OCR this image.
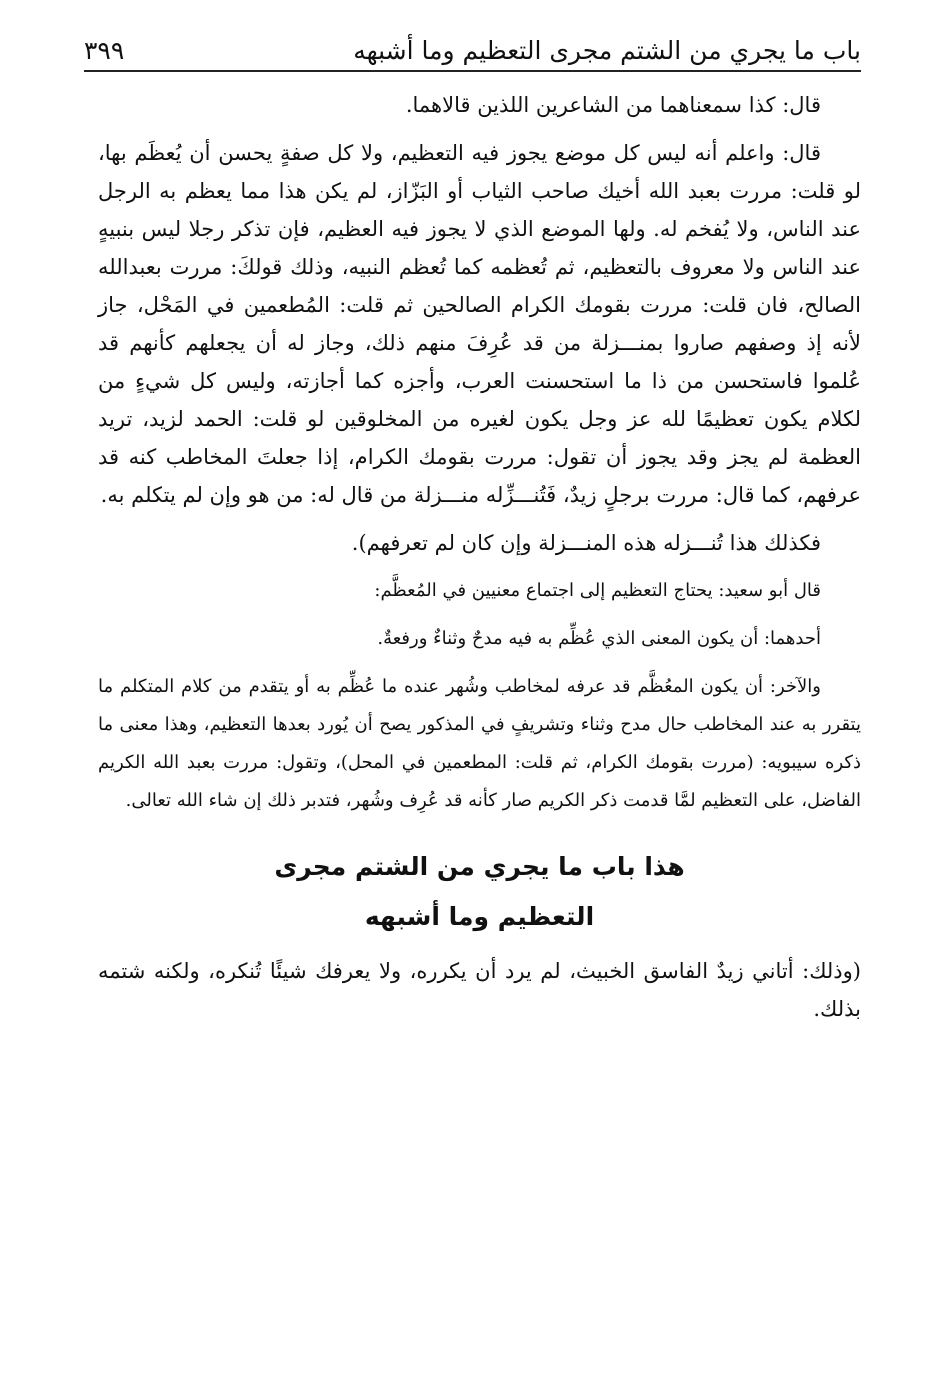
باب ما يجري من الشتم مجرى التعظيم وما أشبهه
٣٩٩

قال: كذا سمعناهما من الشاعرين اللذين قالاهما.

قال: واعلم أنه ليس كل موضع يجوز فيه التعظيم، ولا كل صفةٍ يحسن أن يُعظَم بها، لو قلت: مررت بعبد الله أخيك صاحب الثياب أو البَزّاز، لم يكن هذا مما يعظم به الرجل عند الناس، ولا يُفخم له. ولها الموضع الذي لا يجوز فيه العظيم، فإن تذكر رجلا ليس بنبيهٍ عند الناس ولا معروف بالتعظيم، ثم تُعظمه كما تُعظم النبيه، وذلك قولكَ: مررت بعبدالله الصالح، فان قلت: مررت بقومك الكرام الصالحين ثم قلت: المُطعمين في المَحْل، جاز لأنه إذ وصفهم صاروا بمنـــزلة من قد عُرِفَ منهم ذلك، وجاز له أن يجعلهم كأنهم قد عُلموا فاستحسن من ذا ما استحسنت العرب، وأجزه كما أجازته، وليس كل شيءٍ من لكلام يكون تعظيمًا لله عز وجل يكون لغيره من المخلوقين لو قلت: الحمد لزيد، تريد العظمة لم يجز وقد يجوز أن تقول: مررت بقومك الكرام، إذا جعلتَ المخاطب كنه قد عرفهم، كما قال: مررت برجلٍ زيدٌ، فَتُنـــزِّله منـــزلة من قال له: من هو وإن لم يتكلم به.

فكذلك هذا تُنـــزله هذه المنـــزلة وإن كان لم تعرفهم).

قال أبو سعيد: يحتاج التعظيم إلى اجتماع معنيين في المُعظَّم:

أحدهما: أن يكون المعنى الذي عُظِّم به فيه مدحٌ وثناءٌ ورفعةٌ.

والآخر: أن يكون المعُظَّم قد عرفه لمخاطب وشُهر عنده ما عُظِّم به أو يتقدم من كلام المتكلم ما يتقرر به عند المخاطب حال مدح وثناء وتشريفٍ في المذكور يصح أن يُورد بعدها التعظيم، وهذا معنى ما ذكره سيبويه: (مررت بقومك الكرام، ثم قلت: المطعمين في المحل)، وتقول: مررت بعبد الله الكريم الفاضل، على التعظيم لمَّا قدمت ذكر الكريم صار كأنه قد عُرِف وشُهر، فتدبر ذلك إن شاء الله تعالى.

هذا باب ما يجري من الشتم مجرى
التعظيم وما أشبهه

(وذلك: أتاني زيدٌ الفاسق الخبيث، لم يرد أن يكرره، ولا يعرفك شيئًا تُنكره، ولكنه شتمه بذلك.
